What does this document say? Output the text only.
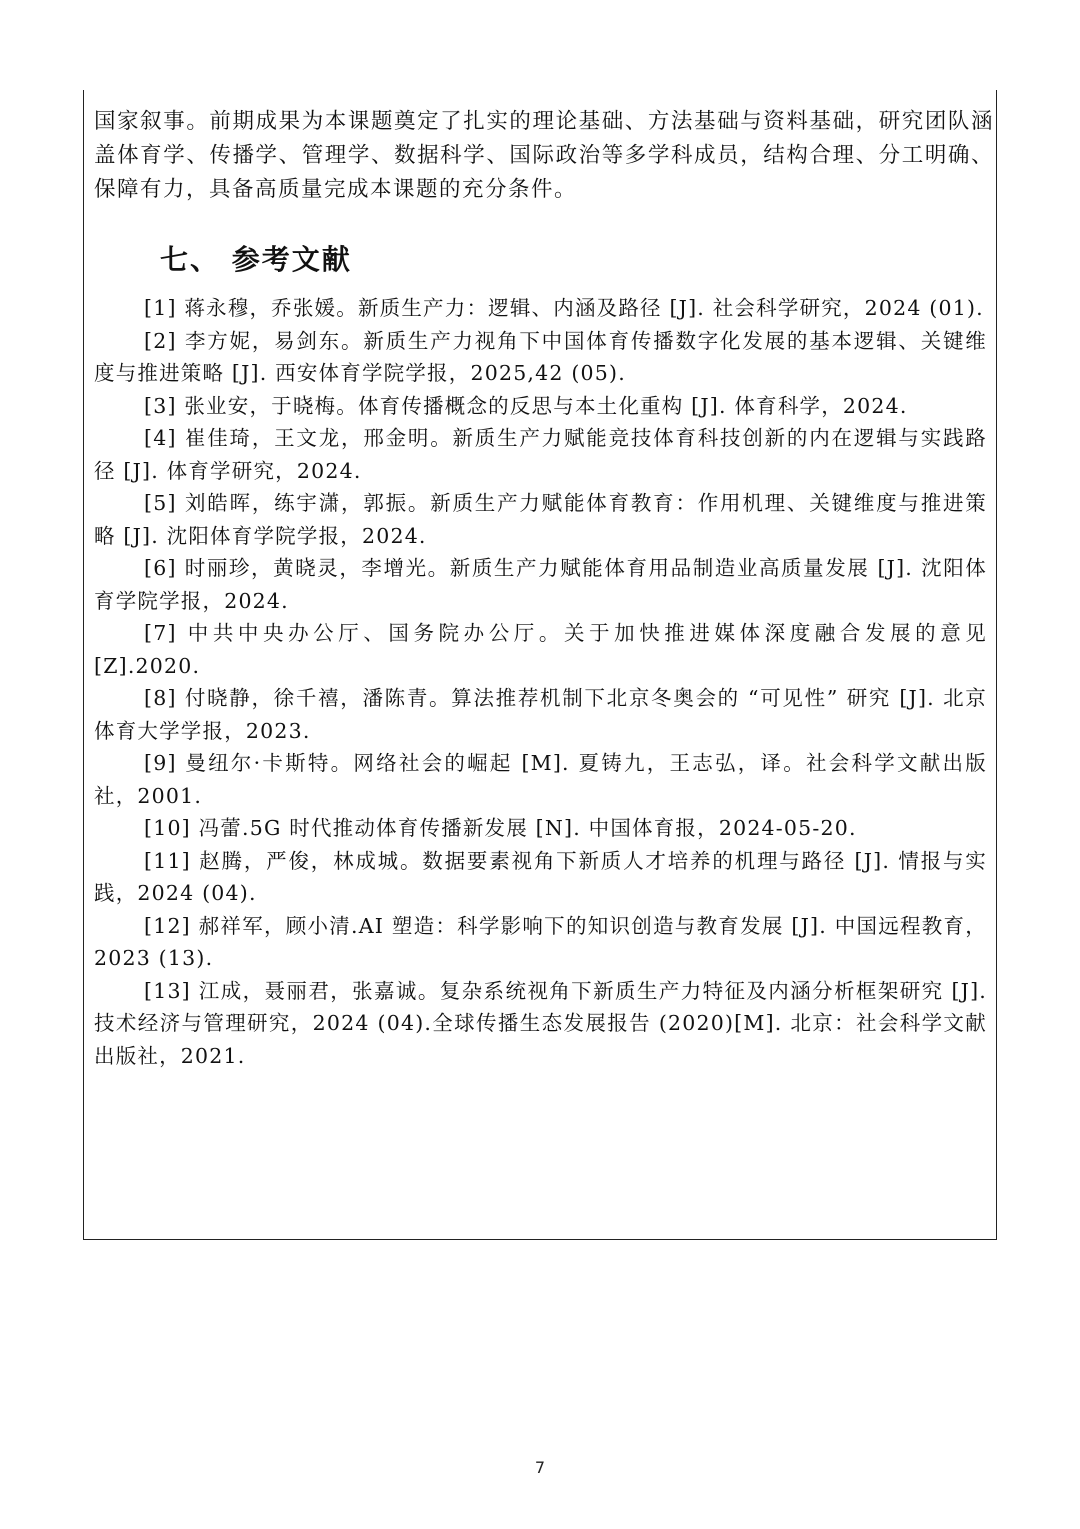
国家叙事。前期成果为本课题奠定了扎实的理论基础、方法基础与资料基础，研究团队涵盖体育学、传播学、管理学、数据科学、国际政治等多学科成员，结构合理、分工明确、保障有力，具备高质量完成本课题的充分条件。

七、 参考文献
[1] 蒋永穆，乔张媛。新质生产力：逻辑、内涵及路径 [J]. 社会科学研究，2024 (01).
[2] 李方妮，易剑东。新质生产力视角下中国体育传播数字化发展的基本逻辑、关键维度与推进策略 [J]. 西安体育学院学报，2025,42 (05).
[3] 张业安，于晓梅。体育传播概念的反思与本土化重构 [J]. 体育科学，2024.
[4] 崔佳琦，王文龙，邢金明。新质生产力赋能竞技体育科技创新的内在逻辑与实践路径 [J]. 体育学研究，2024.
[5] 刘皓晖，练宇潇，郭振。新质生产力赋能体育教育：作用机理、关键维度与推进策略 [J]. 沈阳体育学院学报，2024.
[6] 时丽珍，黄晓灵，李增光。新质生产力赋能体育用品制造业高质量发展 [J]. 沈阳体育学院学报，2024.
[7] 中共中央办公厅、国务院办公厅。关于加快推进媒体深度融合发展的意见 [Z].2020.
[8] 付晓静，徐千禧，潘陈青。算法推荐机制下北京冬奥会的 “可见性” 研究 [J]. 北京体育大学学报，2023.
[9] 曼纽尔·卡斯特。网络社会的崛起 [M]. 夏铸九，王志弘，译。社会科学文献出版社，2001.
[10] 冯蕾.5G 时代推动体育传播新发展 [N]. 中国体育报，2024-05-20.
[11] 赵腾，严俊，林成城。数据要素视角下新质人才培养的机理与路径 [J]. 情报与实践，2024 (04).
[12] 郝祥军，顾小清.AI 塑造：科学影响下的知识创造与教育发展 [J]. 中国远程教育，2023 (13).
[13] 江成，聂丽君，张嘉诚。复杂系统视角下新质生产力特征及内涵分析框架研究 [J]. 技术经济与管理研究，2024 (04).全球传播生态发展报告 (2020)[M]. 北京：社会科学文献出版社，2021.
7
